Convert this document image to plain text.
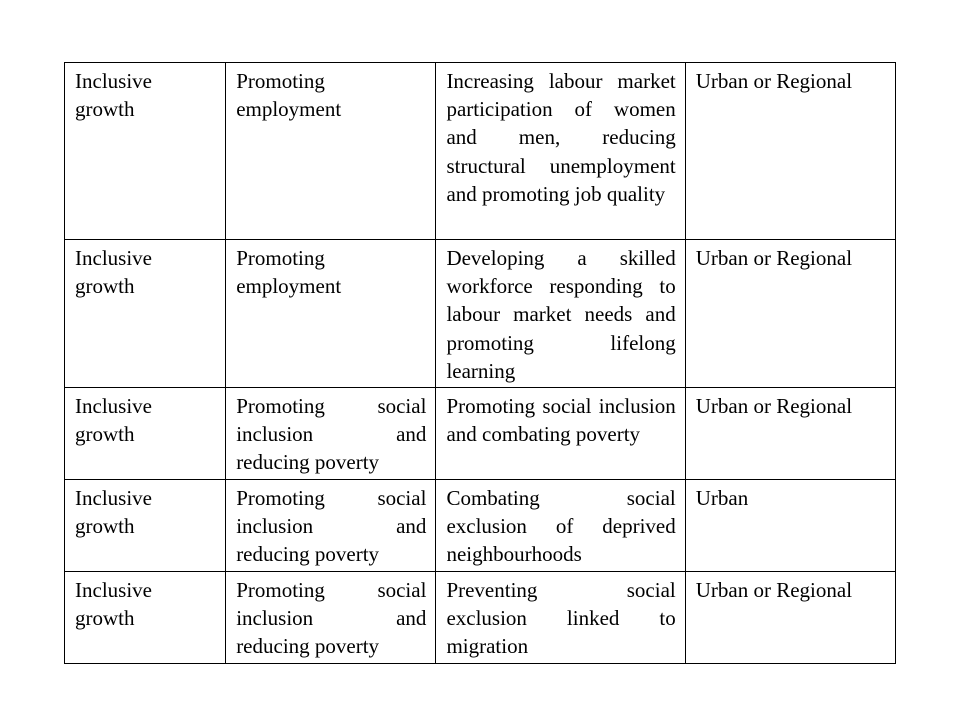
Inclusive growth	Promoting employment	Increasing labour market participation of women and men, reducing structural unemployment and promoting job quality	Urban or Regional
Inclusive growth	Promoting employment	Developing a skilled workforce responding to labour market needs and promoting lifelong learning	Urban or Regional
Inclusive growth	Promoting social inclusion and reducing poverty	Promoting social inclusion and combating poverty	Urban or Regional
Inclusive growth	Promoting social inclusion and reducing poverty	Combating social exclusion of deprived neighbourhoods	Urban
Inclusive growth	Promoting social inclusion and reducing poverty	Preventing social exclusion linked to migration	Urban or Regional
